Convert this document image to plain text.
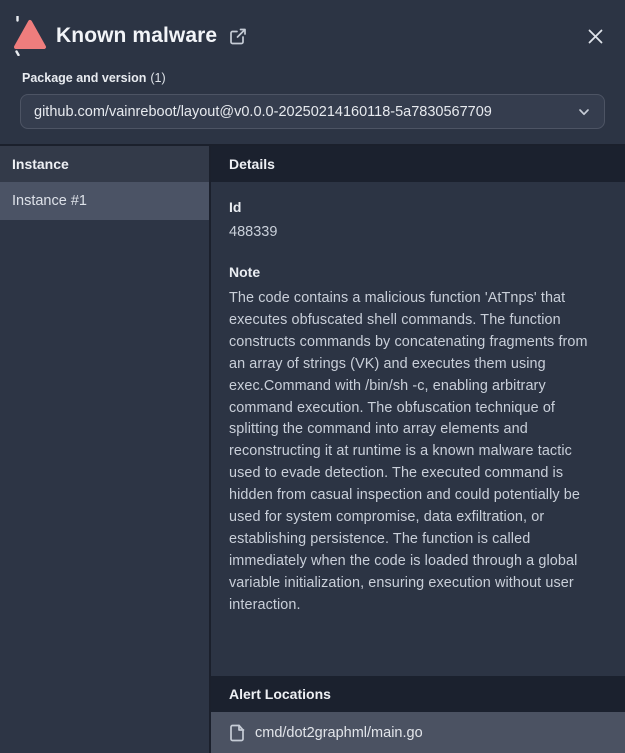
Known malware
Package and version (1)
github.com/vainreboot/layout@v0.0.0-20250214160118-5a7830567709
Instance
Instance #1
Details
Id
488339
Note

The code contains a malicious function 'AtTnps' that executes obfuscated shell commands. The function constructs commands by concatenating fragments from an array of strings (VK) and executes them using exec.Command with /bin/sh -c, enabling arbitrary command execution. The obfuscation technique of splitting the command into array elements and reconstructing it at runtime is a known malware tactic used to evade detection. The executed command is hidden from casual inspection and could potentially be used for system compromise, data exfiltration, or establishing persistence. The function is called immediately when the code is loaded through a global variable initialization, ensuring execution without user interaction.

Alert Locations
cmd/dot2graphml/main.go
